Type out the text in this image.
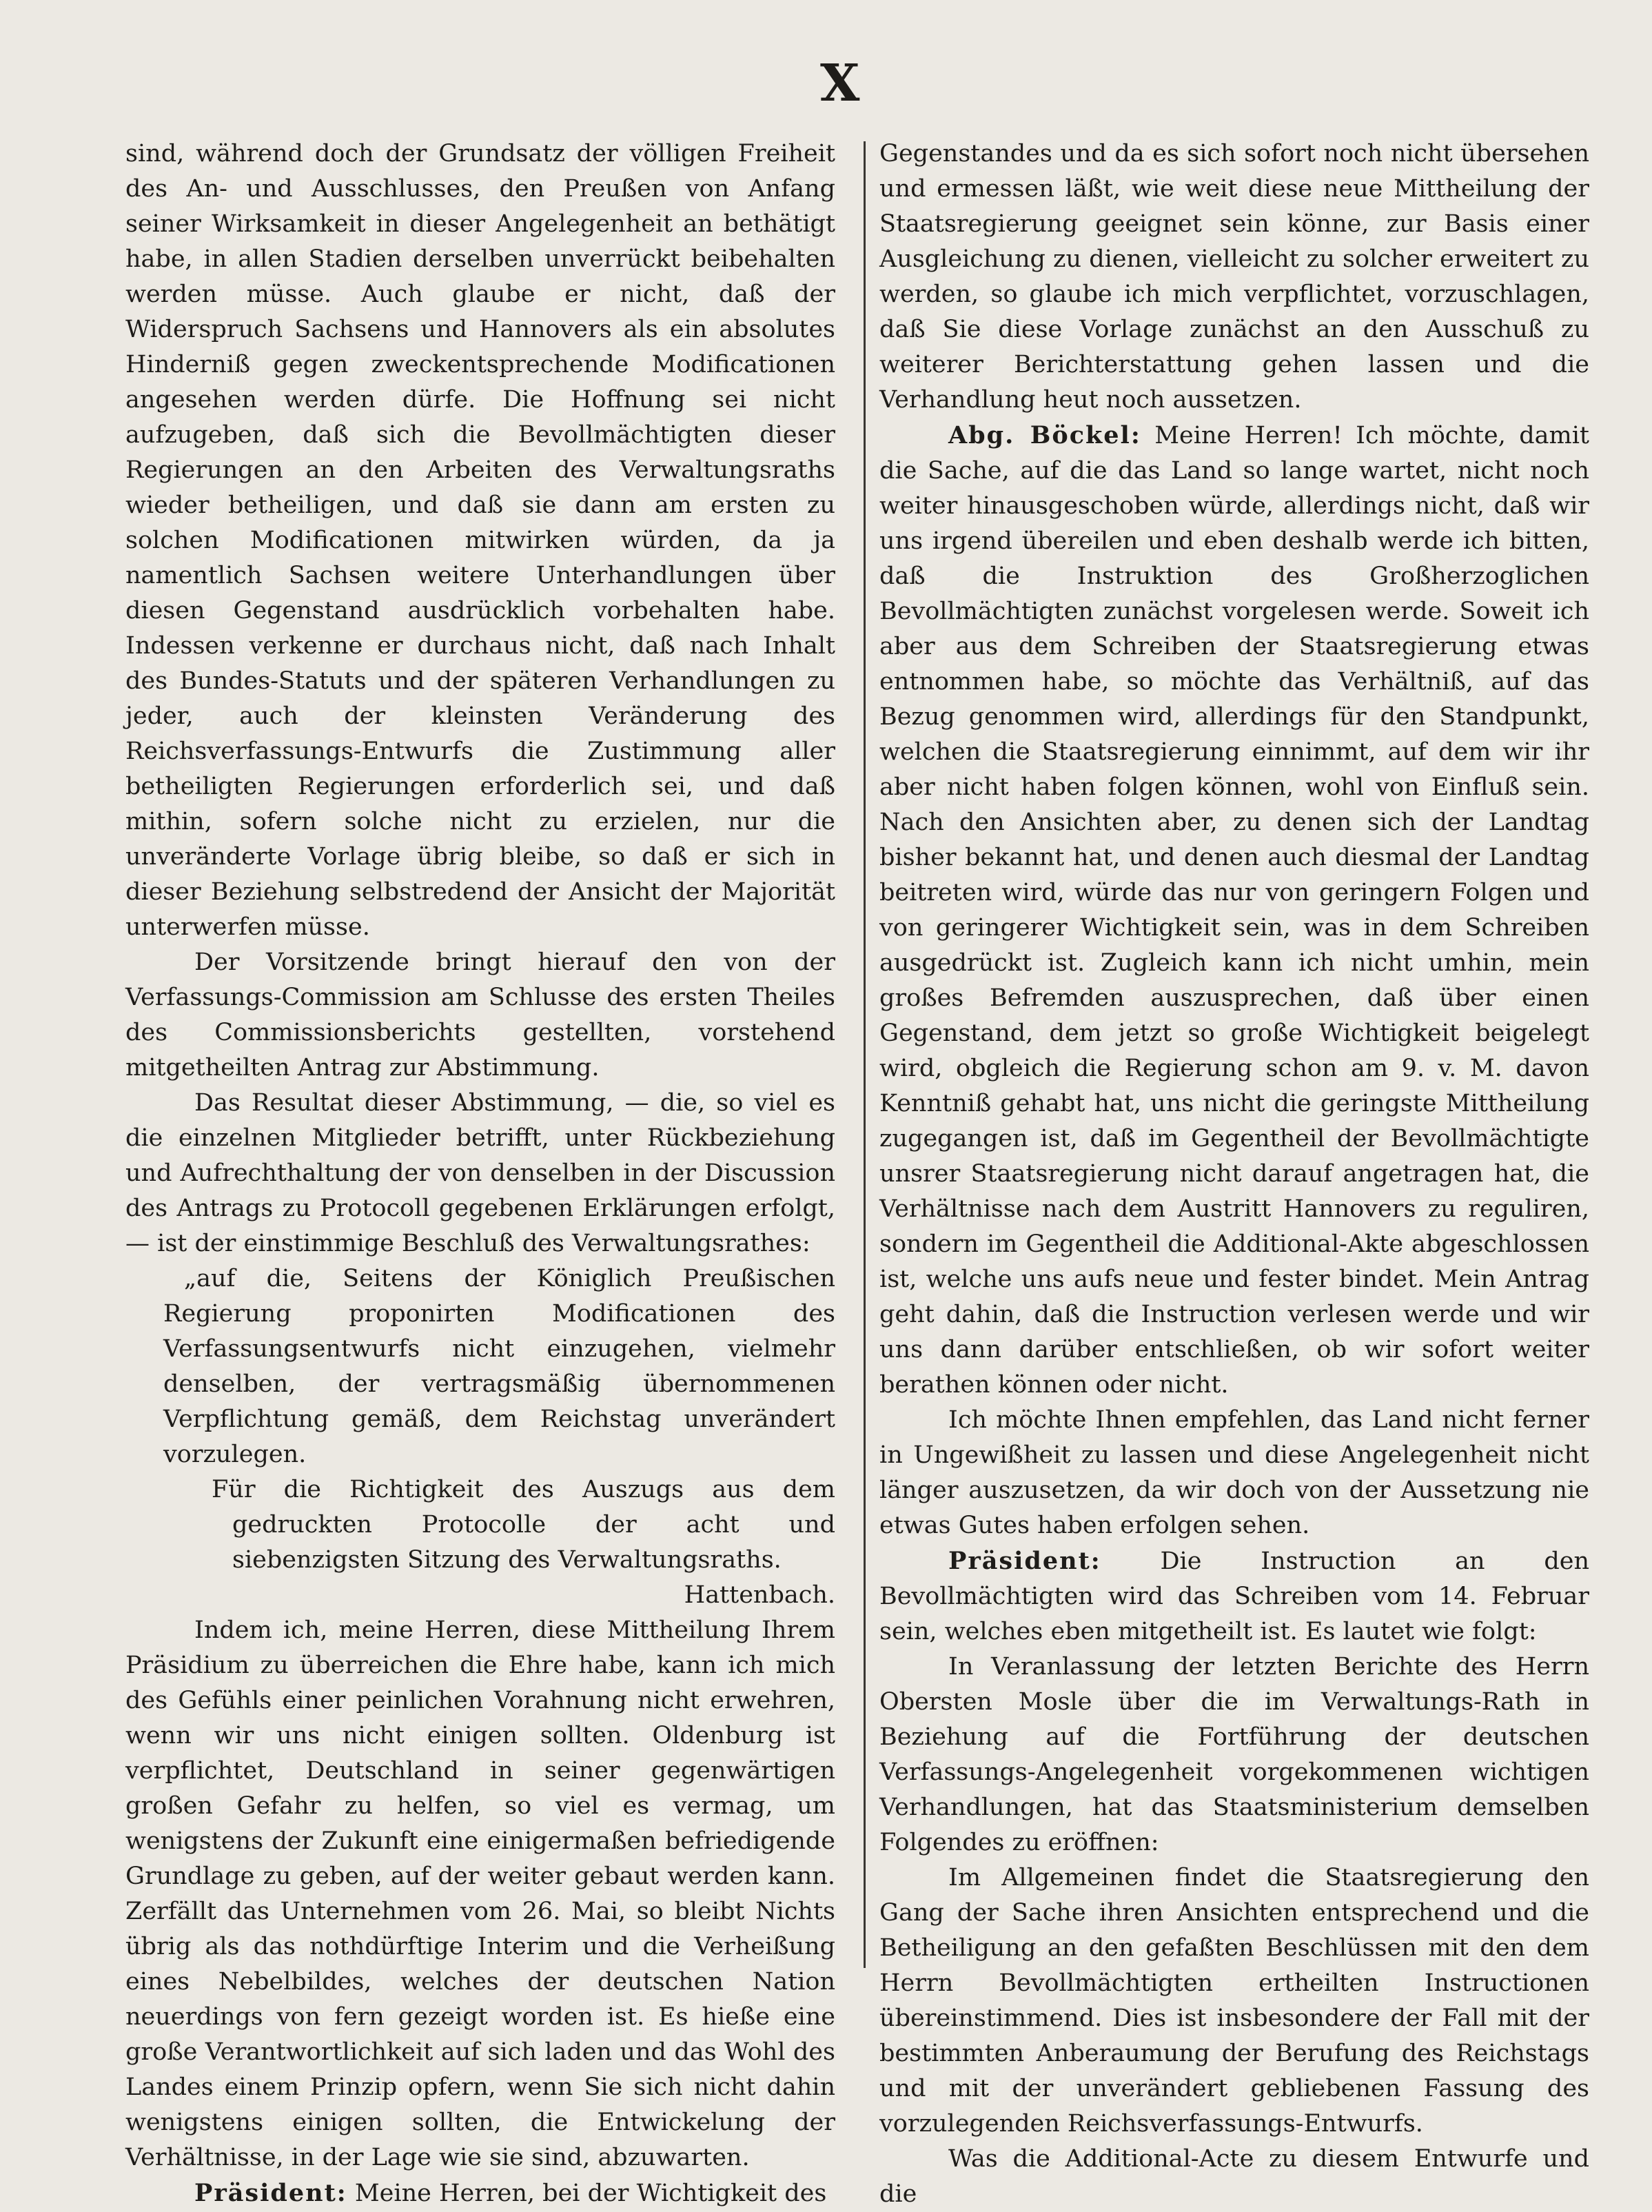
X

sind, während doch der Grundsatz der völligen Freiheit des An- und Ausschlusses, den Preußen von Anfang seiner Wirksamkeit in dieser Angelegenheit an bethätigt habe, in allen Stadien derselben unverrückt beibehalten werden müsse. Auch glaube er nicht, daß der Widerspruch Sachsens und Hannovers als ein absolutes Hinderniß gegen zweckentsprechende Modificationen angesehen werden dürfe. Die Hoffnung sei nicht aufzugeben, daß sich die Bevollmächtigten dieser Regierungen an den Arbeiten des Verwaltungsraths wieder betheiligen, und daß sie dann am ersten zu solchen Modificationen mitwirken würden, da ja namentlich Sachsen weitere Unterhandlungen über diesen Gegenstand ausdrücklich vorbehalten habe. Indessen verkenne er durchaus nicht, daß nach Inhalt des Bundes-Statuts und der späteren Verhandlungen zu jeder, auch der kleinsten Veränderung des Reichsverfassungs-Entwurfs die Zustimmung aller betheiligten Regierungen erforderlich sei, und daß mithin, sofern solche nicht zu erzielen, nur die unveränderte Vorlage übrig bleibe, so daß er sich in dieser Beziehung selbstredend der Ansicht der Majorität unterwerfen müsse.

Der Vorsitzende bringt hierauf den von der Verfassungs-Commission am Schlusse des ersten Theiles des Commissionsberichts gestellten, vorstehend mitgetheilten Antrag zur Abstimmung.

Das Resultat dieser Abstimmung, — die, so viel es die einzelnen Mitglieder betrifft, unter Rückbeziehung und Aufrechthaltung der von denselben in der Discussion des Antrags zu Protocoll gegebenen Erklärungen erfolgt, — ist der einstimmige Beschluß des Verwaltungsrathes:

„auf die, Seitens der Königlich Preußischen Regierung proponirten Modificationen des Verfassungsentwurfs nicht einzugehen, vielmehr denselben, der vertragsmäßig übernommenen Verpflichtung gemäß, dem Reichstag unverändert vorzulegen.

Für die Richtigkeit des Auszugs aus dem gedruckten Protocolle der acht und siebenzigsten Sitzung des Verwaltungsraths.

Hattenbach.

Indem ich, meine Herren, diese Mittheilung Ihrem Präsidium zu überreichen die Ehre habe, kann ich mich des Gefühls einer peinlichen Vorahnung nicht erwehren, wenn wir uns nicht einigen sollten. Oldenburg ist verpflichtet, Deutschland in seiner gegenwärtigen großen Gefahr zu helfen, so viel es vermag, um wenigstens der Zukunft eine einigermaßen befriedigende Grundlage zu geben, auf der weiter gebaut werden kann. Zerfällt das Unternehmen vom 26. Mai, so bleibt Nichts übrig als das nothdürftige Interim und die Verheißung eines Nebelbildes, welches der deutschen Nation neuerdings von fern gezeigt worden ist. Es hieße eine große Verantwortlichkeit auf sich laden und das Wohl des Landes einem Prinzip opfern, wenn Sie sich nicht dahin wenigstens einigen sollten, die Entwickelung der Verhältnisse, in der Lage wie sie sind, abzuwarten.

Präsident: Meine Herren, bei der Wichtigkeit des

Gegenstandes und da es sich sofort noch nicht übersehen und ermessen läßt, wie weit diese neue Mittheilung der Staatsregierung geeignet sein könne, zur Basis einer Ausgleichung zu dienen, vielleicht zu solcher erweitert zu werden, so glaube ich mich verpflichtet, vorzuschlagen, daß Sie diese Vorlage zunächst an den Ausschuß zu weiterer Berichterstattung gehen lassen und die Verhandlung heut noch aussetzen.

Abg. Böckel: Meine Herren! Ich möchte, damit die Sache, auf die das Land so lange wartet, nicht noch weiter hinausgeschoben würde, allerdings nicht, daß wir uns irgend übereilen und eben deshalb werde ich bitten, daß die Instruktion des Großherzoglichen Bevollmächtigten zunächst vorgelesen werde. Soweit ich aber aus dem Schreiben der Staatsregierung etwas entnommen habe, so möchte das Verhältniß, auf das Bezug genommen wird, allerdings für den Standpunkt, welchen die Staatsregierung einnimmt, auf dem wir ihr aber nicht haben folgen können, wohl von Einfluß sein. Nach den Ansichten aber, zu denen sich der Landtag bisher bekannt hat, und denen auch diesmal der Landtag beitreten wird, würde das nur von geringern Folgen und von geringerer Wichtigkeit sein, was in dem Schreiben ausgedrückt ist. Zugleich kann ich nicht umhin, mein großes Befremden auszusprechen, daß über einen Gegenstand, dem jetzt so große Wichtigkeit beigelegt wird, obgleich die Regierung schon am 9. v. M. davon Kenntniß gehabt hat, uns nicht die geringste Mittheilung zugegangen ist, daß im Gegentheil der Bevollmächtigte unsrer Staatsregierung nicht darauf angetragen hat, die Verhältnisse nach dem Austritt Hannovers zu reguliren, sondern im Gegentheil die Additional-Akte abgeschlossen ist, welche uns aufs neue und fester bindet. Mein Antrag geht dahin, daß die Instruction verlesen werde und wir uns dann darüber entschließen, ob wir sofort weiter berathen können oder nicht.

Ich möchte Ihnen empfehlen, das Land nicht ferner in Ungewißheit zu lassen und diese Angelegenheit nicht länger auszusetzen, da wir doch von der Aussetzung nie etwas Gutes haben erfolgen sehen.

Präsident: Die Instruction an den Bevollmächtigten wird das Schreiben vom 14. Februar sein, welches eben mitgetheilt ist. Es lautet wie folgt:

In Veranlassung der letzten Berichte des Herrn Obersten Mosle über die im Verwaltungs-Rath in Beziehung auf die Fortführung der deutschen Verfassungs-Angelegenheit vorgekommenen wichtigen Verhandlungen, hat das Staatsministerium demselben Folgendes zu eröffnen:

Im Allgemeinen findet die Staatsregierung den Gang der Sache ihren Ansichten entsprechend und die Betheiligung an den gefaßten Beschlüssen mit den dem Herrn Bevollmächtigten ertheilten Instructionen übereinstimmend. Dies ist insbesondere der Fall mit der bestimmten Anberaumung der Berufung des Reichstags und mit der unverändert gebliebenen Fassung des vorzulegenden Reichsverfassungs-Entwurfs.

Was die Additional-Acte zu diesem Entwurfe und die
